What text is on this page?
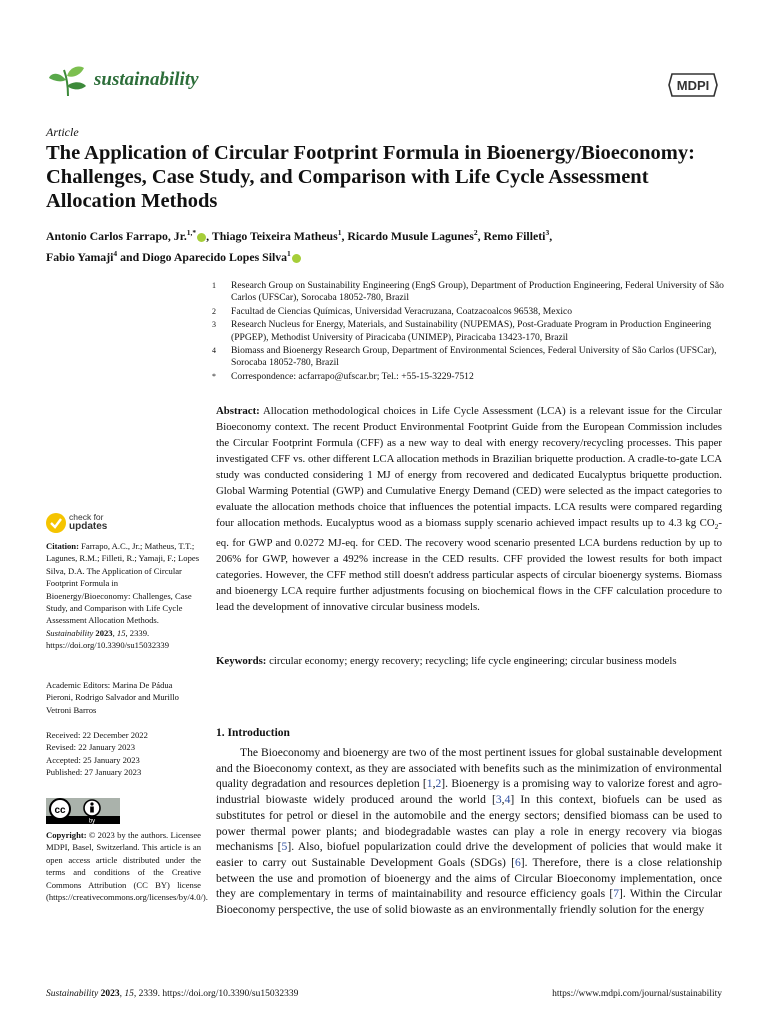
sustainability	MDPI
Article
The Application of Circular Footprint Formula in Bioenergy/Bioeconomy: Challenges, Case Study, and Comparison with Life Cycle Assessment Allocation Methods
Antonio Carlos Farrapo, Jr.$^{1,*}$ , Thiago Teixeira Matheus$^1$, Ricardo Musule Lagunes$^2$, Remo Filleti$^3$,
Fabio Yamaji$^4$ and Diogo Aparecido Lopes Silva$^1$
1	Research Group on Sustainability Engineering (EngS Group), Department of Production Engineering, Federal University of São Carlos (UFSCar), Sorocaba 18052-780, Brazil
2	Facultad de Ciencias Químicas, Universidad Veracruzana, Coatzacoalcos 96538, Mexico
3	Research Nucleus for Energy, Materials, and Sustainability (NUPEMAS), Post-Graduate Program in Production Engineering (PPGEP), Methodist University of Piracicaba (UNIMEP), Piracicaba 13423-170, Brazil
4	Biomass and Bioenergy Research Group, Department of Environmental Sciences, Federal University of São Carlos (UFSCar), Sorocaba 18052-780, Brazil
*	Correspondence: acfarrapo@ufscar.br; Tel.: +55-15-3229-7512
Abstract: Allocation methodological choices in Life Cycle Assessment (LCA) is a relevant issue for the Circular Bioeconomy context. The recent Product Environmental Footprint Guide from the European Commission includes the Circular Footprint Formula (CFF) as a new way to deal with energy recovery/recycling processes. This paper investigated CFF vs. other different LCA allocation methods in Brazilian briquette production. A cradle-to-gate LCA study was conducted considering 1 MJ of energy from recovered and dedicated Eucalyptus briquette production. Global Warming Potential (GWP) and Cumulative Energy Demand (CED) were selected as the impact categories to evaluate the allocation methods choice that influences the potential impacts. LCA results were compared regarding four allocation methods. Eucalyptus wood as a biomass supply scenario achieved impact results up to 4.3 kg $CO_2-eq$. for GWP and 0.0272 MJ-eq. for CED. The recovery wood scenario presented LCA burdens reduction by up to 206% for GWP, however a 492% increase in the CED results. CFF provided the lowest results for both impact categories. However, the CFF method still doesn't address particular aspects of circular bioenergy systems. Biomass and bioenergy LCA require further adjustments focusing on biochemical flows in the CFF calculation procedure to lead the development of innovative circular business models.
Keywords: circular economy; energy recovery; recycling; life cycle engineering; circular business models
check for
updates
Citation: Farrapo, A.C., Jr.; Matheus, T.T.; Lagunes, R.M.; Filleti, R.; Yamaji, F.; Lopes Silva, D.A. The Application of Circular Footprint Formula in Bioenergy/Bioeconomy: Challenges, Case Study, and Comparison with Life Cycle Assessment Allocation Methods. Sustainability 2023, 15, 2339. https://doi.org/10.3390/su15032339
Academic Editors: Marina De Pádua Pieroni, Rodrigo Salvador and Murillo Vetroni Barros
Received: 22 December 2022
Revised: 22 January 2023
Accepted: 25 January 2023
Published: 27 January 2023
cc
by
Copyright: © 2023 by the authors. Licensee MDPI, Basel, Switzerland. This article is an open access article distributed under the terms and conditions of the Creative Commons Attribution (CC BY) license (https://creativecommons.org/licenses/by/4.0/).
1. Introduction
The Bioeconomy and bioenergy are two of the most pertinent issues for global sustainable development and the Bioeconomy context, as they are associated with benefits such as the minimization of environmental quality degradation and resources depletion [1,2]. Bioenergy is a promising way to valorize forest and agro-industrial biowaste widely produced around the world [3,4] In this context, biofuels can be used as substitutes for petrol or diesel in the automobile and the energy sectors; densified biomass can be used to power thermal power plants; and biodegradable wastes can play a role in energy recovery via biogas mechanisms [5]. Also, biofuel popularization could drive the development of policies that would make it easier to carry out Sustainable Development Goals (SDGs) [6]. Therefore, there is a close relationship between the use and promotion of bioenergy and the aims of Circular Bioeconomy implementation, once they are complementary in terms of maintainability and resource efficiency goals [7]. Within the Circular Bioeconomy perspective, the use of solid biowaste as an environmentally friendly solution for the energy
Sustainability 2023, 15, 2339. https://doi.org/10.3390/su15032339	https://www.mdpi.com/journal/sustainability
